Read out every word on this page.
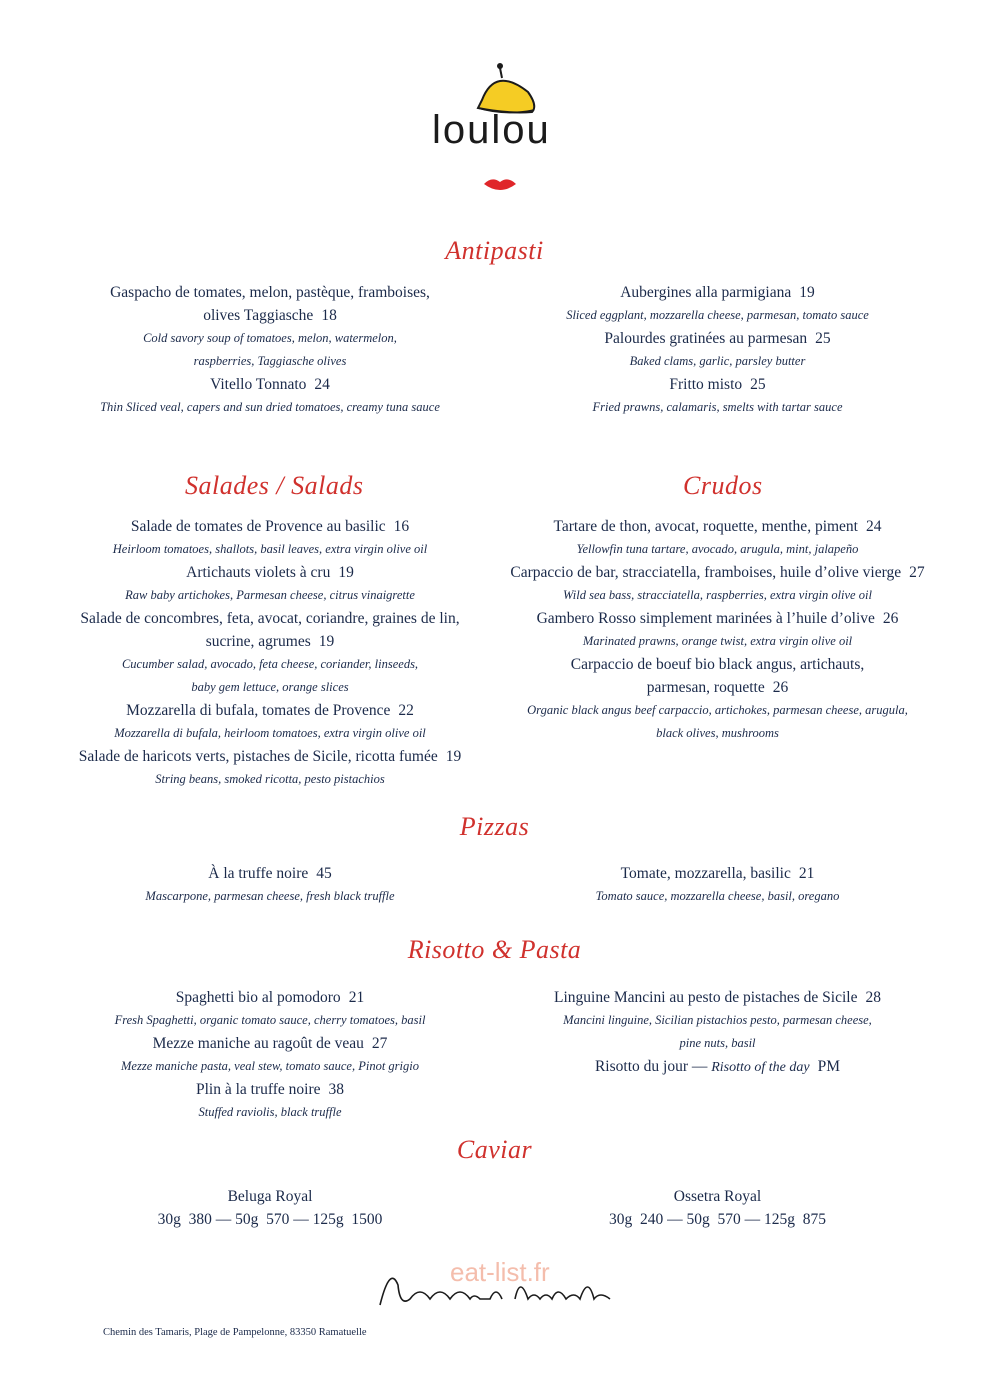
loulou
Antipasti
Gaspacho de tomates, melon, pastèque, framboises,
olives Taggiasche 18
Cold savory soup of tomatoes, melon, watermelon,
raspberries, Taggiasche olives
Vitello Tonnato 24
Thin Sliced veal, capers and sun dried tomatoes, creamy tuna sauce
Aubergines alla parmigiana 19
Sliced eggplant, mozzarella cheese, parmesan, tomato sauce
Palourdes gratinées au parmesan 25
Baked clams, garlic, parsley butter
Fritto misto 25
Fried prawns, calamaris, smelts with tartar sauce
Salades / Salads	Crudos
Salade de tomates de Provence au basilic 16
Heirloom tomatoes, shallots, basil leaves, extra virgin olive oil
Artichauts violets à cru 19
Raw baby artichokes, Parmesan cheese, citrus vinaigrette
Salade de concombres, feta, avocat, coriandre, graines de lin,
sucrine, agrumes 19
Cucumber salad, avocado, feta cheese, coriander, linseeds,
baby gem lettuce, orange slices
Mozzarella di bufala, tomates de Provence 22
Mozzarella di bufala, heirloom tomatoes, extra virgin olive oil
Salade de haricots verts, pistaches de Sicile, ricotta fumée 19
String beans, smoked ricotta, pesto pistachios
Tartare de thon, avocat, roquette, menthe, piment 24
Yellowfin tuna tartare, avocado, arugula, mint, jalapeño
Carpaccio de bar, stracciatella, framboises, huile d’olive vierge 27
Wild sea bass, stracciatella, raspberries, extra virgin olive oil
Gambero Rosso simplement marinées à l’huile d’olive 26
Marinated prawns, orange twist, extra virgin olive oil
Carpaccio de boeuf bio black angus, artichauts,
parmesan, roquette 26
Organic black angus beef carpaccio, artichokes, parmesan cheese, arugula,
black olives, mushrooms
Pizzas
À la truffe noire 45
Mascarpone, parmesan cheese, fresh black truffle
Tomate, mozzarella, basilic 21
Tomato sauce, mozzarella cheese, basil, oregano
Risotto & Pasta
Spaghetti bio al pomodoro 21
Fresh Spaghetti, organic tomato sauce, cherry tomatoes, basil
Mezze maniche au ragoût de veau 27
Mezze maniche pasta, veal stew, tomato sauce, Pinot grigio
Plin à la truffe noire 38
Stuffed raviolis, black truffle
Linguine Mancini au pesto de pistaches de Sicile 28
Mancini linguine, Sicilian pistachios pesto, parmesan cheese,
pine nuts, basil
Risotto du jour — Risotto of the day PM
Caviar
Beluga Royal
30g  380 — 50g  570 — 125g  1500
Ossetra Royal
30g  240 — 50g  570 — 125g  875
eat-list.fr
Chemin des Tamaris, Plage de Pampelonne, 83350 Ramatuelle
